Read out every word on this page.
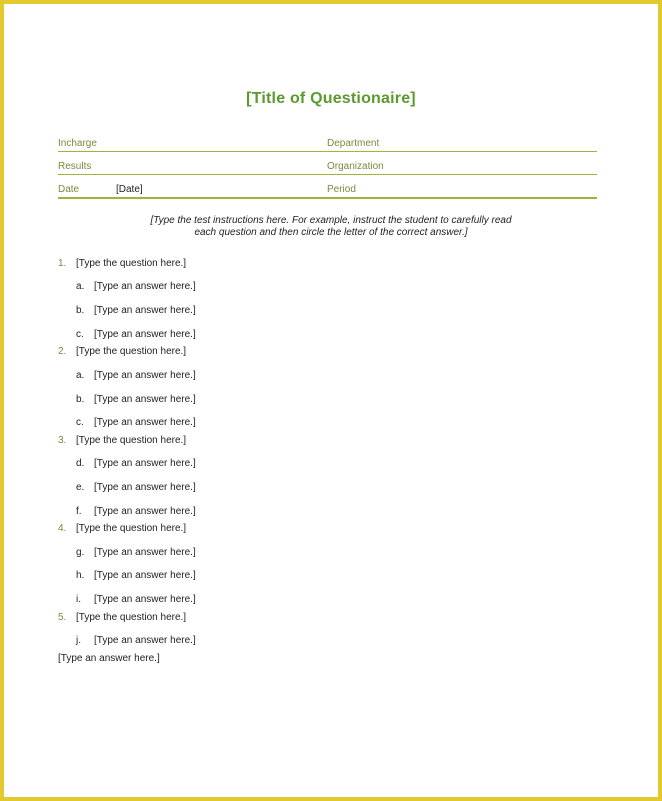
[Title of Questionaire]
Incharge	Department
Results	Organization
Date	[Date]	Period
[Type the test instructions here. For example, instruct the student to carefully read
each question and then circle the letter of the correct answer.]
1. [Type the question here.]
a. [Type an answer here.]
b. [Type an answer here.]
c. [Type an answer here.]
2. [Type the question here.]
a. [Type an answer here.]
b. [Type an answer here.]
c. [Type an answer here.]
3. [Type the question here.]
d. [Type an answer here.]
e. [Type an answer here.]
f. [Type an answer here.]
4. [Type the question here.]
g. [Type an answer here.]
h. [Type an answer here.]
i. [Type an answer here.]
5. [Type the question here.]
j. [Type an answer here.]
[Type an answer here.]
